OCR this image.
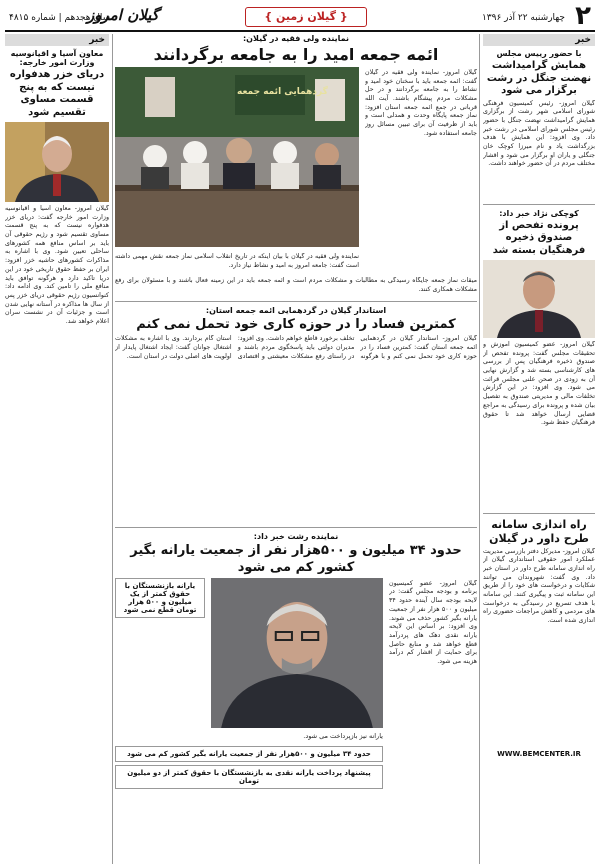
۲
چهارشنبه ۲۲ آذر ۱۳۹۶
{ گیلان زمین }
گیلان امروز
سال هجدهم | شماره ۴۸۱۵
خبر
با حضور رییس مجلس
همایش گرامیداشت نهضت جنگل در رشت برگزار می شود
گیلان امروز- رئیس کمیسیون فرهنگی شورای اسلامی شهر رشت از برگزاری همایش گرامیداشت نهضت جنگل با حضور رئیس مجلس شورای اسلامی در رشت خبر داد. وی افزود: این همایش با هدف بزرگداشت یاد و نام میرزا کوچک خان جنگلی و یاران او برگزار می شود و اقشار مختلف مردم در آن حضور خواهند داشت.
کوچکی نژاد خبر داد:
پرونده تفحص از صندوق ذخیره فرهنگیان بسته شد
گیلان امروز- عضو کمیسیون آموزش و تحقیقات مجلس گفت: پرونده تفحص از صندوق ذخیره فرهنگیان پس از بررسی های کارشناسی بسته شد و گزارش نهایی آن به زودی در صحن علنی مجلس قرائت می شود. وی افزود: در این گزارش تخلفات مالی و مدیریتی صندوق به تفصیل بیان شده و پرونده برای رسیدگی به مراجع قضایی ارسال خواهد شد تا حقوق فرهنگیان حفظ شود.
راه اندازی سامانه طرح داور در گیلان
گیلان امروز- مدیرکل دفتر بازرسی مدیریت عملکرد امور حقوقی استانداری گیلان از راه اندازی سامانه طرح داور در استان خبر داد. وی گفت: شهروندان می توانند شکایات و درخواست های خود را از طریق این سامانه ثبت و پیگیری کنند. این سامانه با هدف تسریع در رسیدگی به درخواست های مردمی و کاهش مراجعات حضوری راه اندازی شده است.
WWW.BEMCENTER.IR
نماینده ولی فقیه در گیلان:
ائمه جمعه امید را به جامعه برگردانند
گیلان امروز- نماینده ولی فقیه در گیلان گفت: ائمه جمعه باید با سخنان خود امید و نشاط را به جامعه برگردانند و در حل مشکلات مردم پیشگام باشند. آیت الله قربانی در جمع ائمه جمعه استان افزود: نماز جمعه پایگاه وحدت و همدلی است و باید از ظرفیت آن برای تبیین مسائل روز جامعه استفاده شود.
گردهمایی ائمه جمعه
نماینده ولی فقیه در گیلان با بیان اینکه در تاریخ انقلاب اسلامی نماز جمعه نقش مهمی داشته است گفت: جامعه امروز به امید و نشاط نیاز دارد.
میقات نماز جمعه جایگاه رسیدگی به مطالبات و مشکلات مردم است و ائمه جمعه باید در این زمینه فعال باشند و با مسئولان برای رفع مشکلات همکاری کنند.
استاندار گیلان در گردهمایی ائمه جمعه استان:
کمترین فساد را در حوزه کاری خود تحمل نمی کنم
گیلان امروز- استاندار گیلان در گردهمایی ائمه جمعه استان گفت: کمترین فساد را در حوزه کاری خود تحمل نمی کنم و با هرگونه تخلف برخورد قاطع خواهم داشت. وی افزود: مدیران دولتی باید پاسخگوی مردم باشند و در راستای رفع مشکلات معیشتی و اقتصادی استان گام بردارند. وی با اشاره به مشکلات اشتغال جوانان گفت: ایجاد اشتغال پایدار از اولویت های اصلی دولت در استان است.
نماینده رشت خبر داد:
حدود ۳۴ میلیون و ۵۰۰هزار نفر از جمعیت یارانه بگیر کشور کم می شود
گیلان امروز- عضو کمیسیون برنامه و بودجه مجلس گفت: در لایحه بودجه سال آینده حدود ۳۴ میلیون و ۵۰۰ هزار نفر از جمعیت یارانه بگیر کشور حذف می شوند. وی افزود: بر اساس این لایحه یارانه نقدی دهک های پردرآمد قطع خواهد شد و منابع حاصل برای حمایت از اقشار کم درآمد هزینه می شود.
یارانه نیز بازپرداخت می شود.
یارانه بازنشستگان با حقوق کمتر از یک میلیون و ۵۰۰ هزار تومان قطع نمی شود
حدود ۳۴ میلیون و ۵۰۰هزار نفر از جمعیت یارانه بگیر کشور کم می شود
پیشنهاد پرداخت یارانه نقدی به بازنشستگان با حقوق کمتر از دو میلیون تومان
خبر
معاون آسیا و اقیانوسیه وزارت امور خارجه:
دریای خزر هدفواره نیست که به پنج قسمت مساوی تقسیم شود
گیلان امروز- معاون آسیا و اقیانوسیه وزارت امور خارجه گفت: دریای خزر هدفواره نیست که به پنج قسمت مساوی تقسیم شود و رژیم حقوقی آن باید بر اساس منافع همه کشورهای ساحلی تعیین شود. وی با اشاره به مذاکرات کشورهای حاشیه خزر افزود: ایران بر حفظ حقوق تاریخی خود در این دریا تاکید دارد و هرگونه توافق باید منافع ملی را تامین کند. وی ادامه داد: کنوانسیون رژیم حقوقی دریای خزر پس از سال ها مذاکره در آستانه نهایی شدن است و جزئیات آن در نشست سران اعلام خواهد شد.
